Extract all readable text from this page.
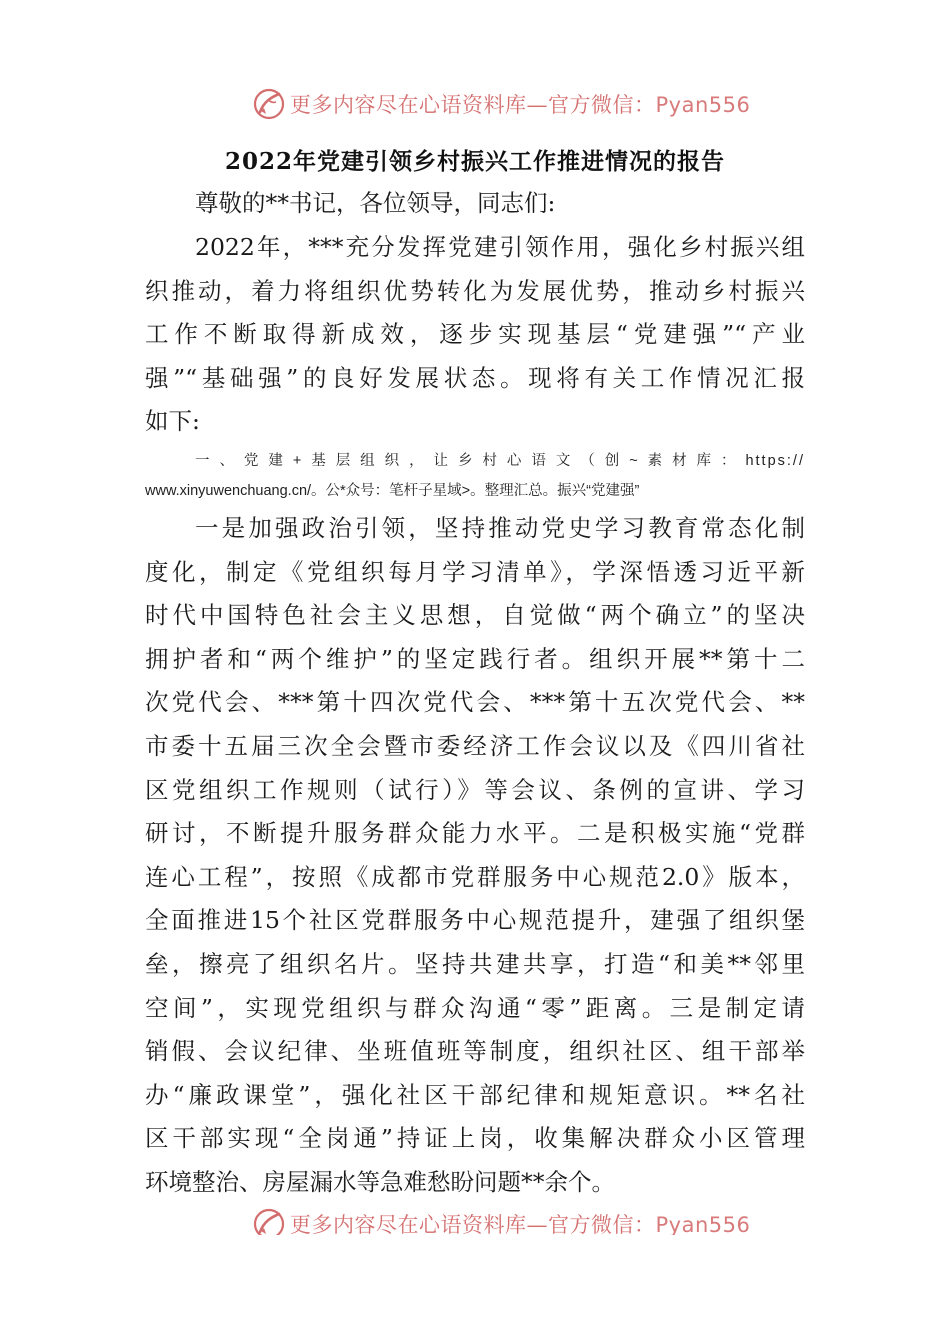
更多内容尽在心语资料库—官方微信：Pyan556
2022年党建引领乡村振兴工作推进情况的报告
尊敬的**书记，各位领导，同志们:
2022年，***充分发挥党建引领作用，强化乡村振兴组
织推动，着力将组织优势转化为发展优势，推动乡村振兴
工作不断取得新成效，逐步实现基层“党建强”“产业
强”“基础强”的良好发展状态。现将有关工作情况汇报
如下:
一、党建+基层组织，让乡村心语文（创~素材库：https://
www.xinyuwenchuang.cn/。公*众号：笔杆子星域>。整理汇总。振兴“党建强”
一是加强政治引领，坚持推动党史学习教育常态化制
度化，制定《党组织每月学习清单》，学深悟透习近平新
时代中国特色社会主义思想，自觉做“两个确立”的坚决
拥护者和“两个维护”的坚定践行者。组织开展**第十二
次党代会、***第十四次党代会、***第十五次党代会、**
市委十五届三次全会暨市委经济工作会议以及《四川省社
区党组织工作规则（试行）》等会议、条例的宣讲、学习
研讨，不断提升服务群众能力水平。二是积极实施“党群
连心工程”，按照《成都市党群服务中心规范2.0》版本，
全面推进15个社区党群服务中心规范提升，建强了组织堡
垒，擦亮了组织名片。坚持共建共享，打造“和美**邻里
空间”，实现党组织与群众沟通“零”距离。三是制定请
销假、会议纪律、坐班值班等制度，组织社区、组干部举
办“廉政课堂”，强化社区干部纪律和规矩意识。**名社
区干部实现“全岗通”持证上岗，收集解决群众小区管理
环境整治、房屋漏水等急难愁盼问题**余个。
更多内容尽在心语资料库—官方微信：Pyan556
